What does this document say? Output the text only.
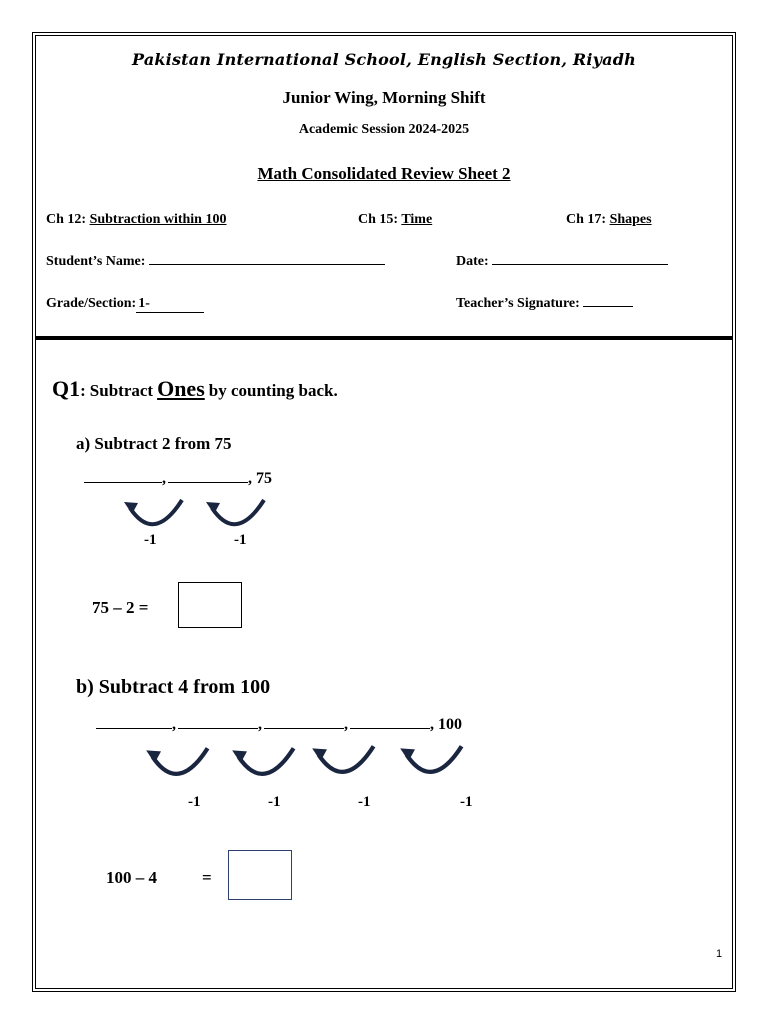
Pakistan International School, English Section, Riyadh
Junior Wing, Morning Shift
Academic Session 2024-2025
Math Consolidated Review Sheet 2
Ch 12: Subtraction within 100	Ch 15: Time	Ch 17: Shapes
Student’s Name:	Date:
Grade/Section: 1-	Teacher’s Signature:
Q1: Subtract Ones by counting back.
a) Subtract 2 from 75
,	, 75
-1	-1
75 – 2 =
b) Subtract 4 from 100
,	,	,	, 100
-1	-1	-1	-1
100 – 4	=
1
